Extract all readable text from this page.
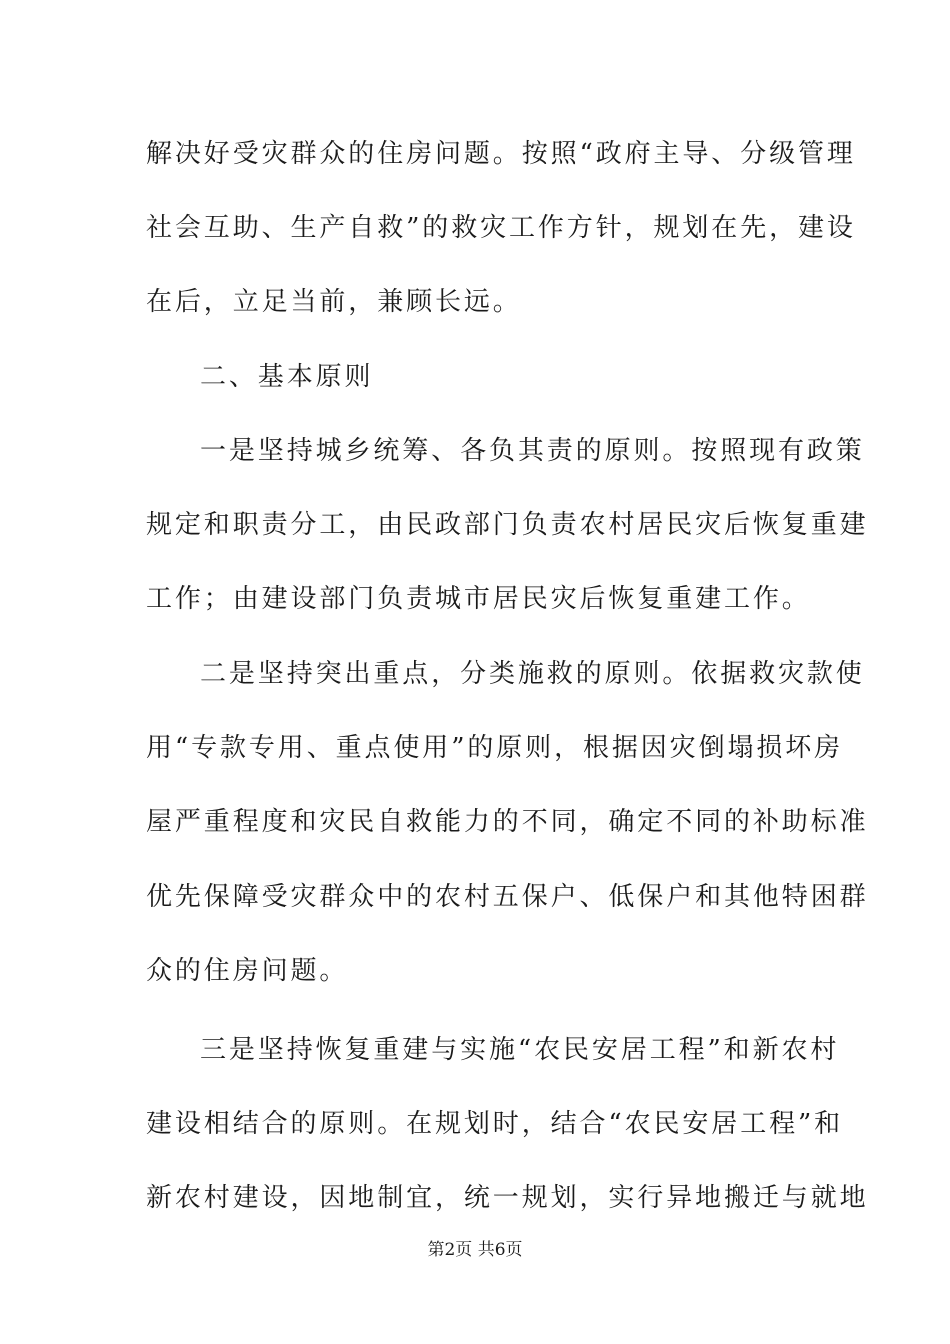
解决好受灾群众的住房问题。按照“政府主导、分级管理
社会互助、生产自救”的救灾工作方针，规划在先，建设
在后，立足当前，兼顾长远。
二、基本原则
一是坚持城乡统筹、各负其责的原则。按照现有政策
规定和职责分工，由民政部门负责农村居民灾后恢复重建
工作；由建设部门负责城市居民灾后恢复重建工作。
二是坚持突出重点，分类施救的原则。依据救灾款使
用“专款专用、重点使用”的原则，根据因灾倒塌损坏房
屋严重程度和灾民自救能力的不同，确定不同的补助标准
优先保障受灾群众中的农村五保户、低保户和其他特困群
众的住房问题。
三是坚持恢复重建与实施“农民安居工程”和新农村
建设相结合的原则。在规划时，结合“农民安居工程”和
新农村建设，因地制宜，统一规划，实行异地搬迁与就地
第2页 共6页
